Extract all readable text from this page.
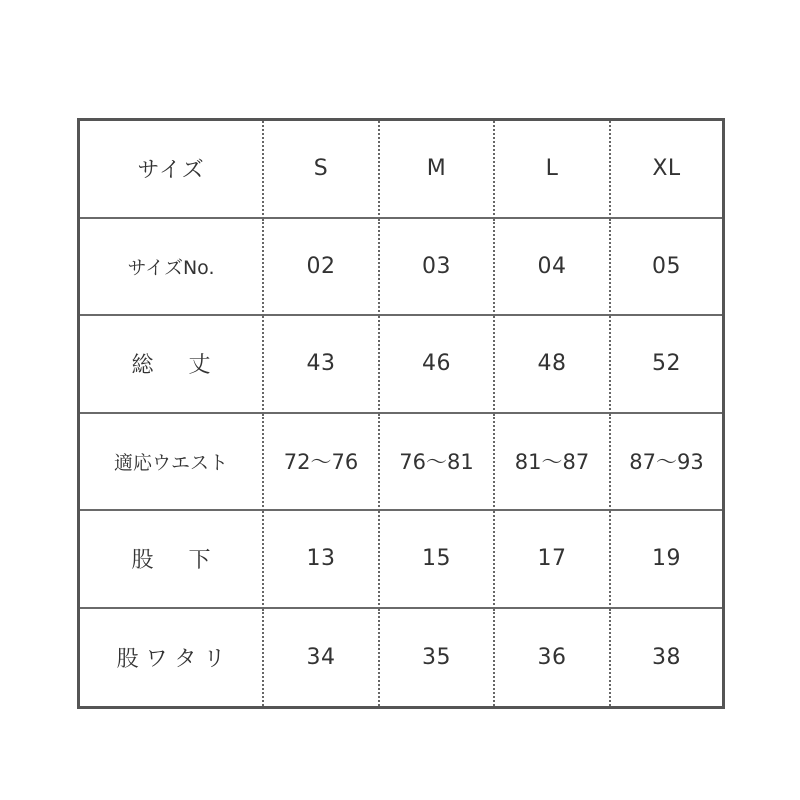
サイズ	S	M	L	XL
サイズNo.	02	03	04	05
総 丈	43	46	48	52
適応ウエスト	72〜76	76〜81	81〜87	87〜93
股 下	13	15	17	19
股ワタリ	34	35	36	38
